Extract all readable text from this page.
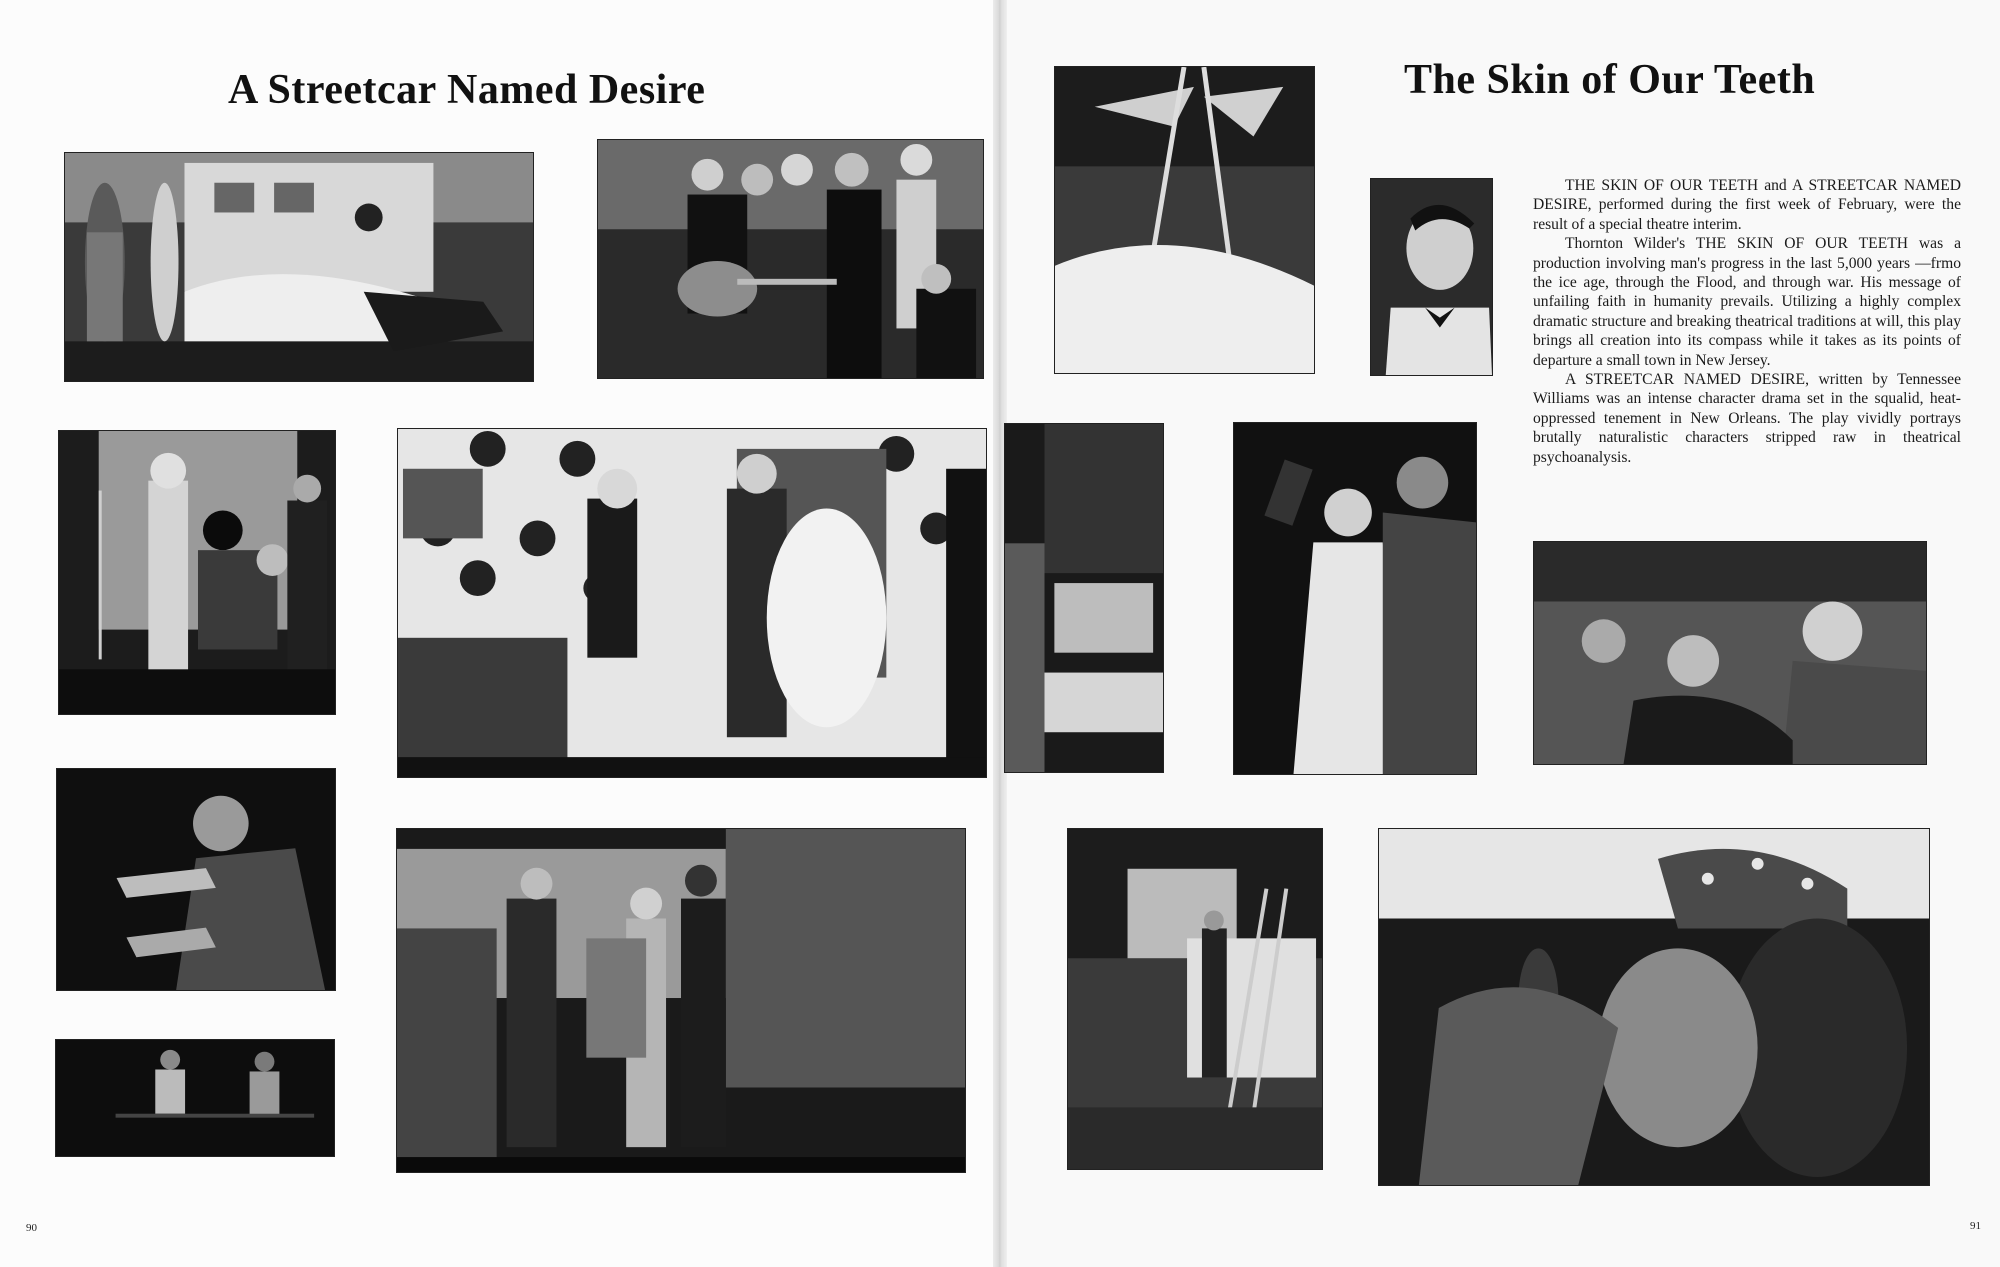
A Streetcar Named Desire	The Skin of Our Teeth

THE SKIN OF OUR TEETH and A STREETCAR NAMED DESIRE, performed during the first week of February, were the result of a special theatre interim.

Thornton Wilder's THE SKIN OF OUR TEETH was a production involving man's progress in the last 5,000 years —frmo the ice age, through the Flood, and through war. His message of unfailing faith in humanity prevails. Utilizing a highly complex dramatic structure and breaking theatrical traditions at will, this play brings all creation into its compass while it takes as its points of departure a small town in New Jersey.

A STREETCAR NAMED DESIRE, written by Tennessee Williams was an intense character drama set in the squalid, heat-oppressed tenement in New Orleans. The play vividly portrays brutally naturalistic characters stripped raw in theatrical psychoanalysis.

90	91
